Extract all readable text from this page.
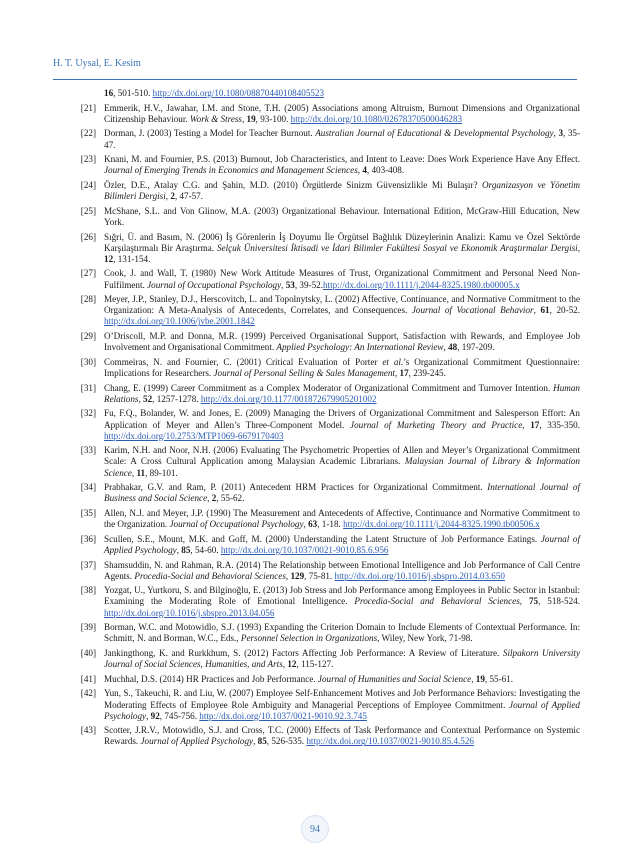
H. T. Uysal, E. Kesim
16, 501-510. http://dx.doi.org/10.1080/08870440108405523
[21] Emmerik, H.V., Jawahar, I.M. and Stone, T.H. (2005) Associations among Altruism, Burnout Dimensions and Organizational Citizenship Behaviour. Work & Stress, 19, 93-100. http://dx.doi.org/10.1080/02678370500046283
[22] Dorman, J. (2003) Testing a Model for Teacher Burnout. Australian Journal of Educational & Developmental Psychology, 3, 35-47.
[23] Knani, M. and Fournier, P.S. (2013) Burnout, Job Characteristics, and Intent to Leave: Does Work Experience Have Any Effect. Journal of Emerging Trends in Economics and Management Sciences, 4, 403-408.
[24] Özler, D.E., Atalay C.G. and Şahin, M.D. (2010) Örgütlerde Sinizm Güvensizlikle Mi Bulaşır? Organizasyon ve Yönetim Bilimleri Dergisi, 2, 47-57.
[25] McShane, S.L. and Von Glinow, M.A. (2003) Organizational Behaviour. International Edition, McGraw-Hill Education, New York.
[26] Sığri, Ü. and Basım, N. (2006) İş Görenlerin İş Doyumu İle Örgütsel Bağlılık Düzeylerinin Analizi: Kamu ve Özel Sektörde Karşılaştırmalı Bir Araştırma. Selçuk Üniversitesi İktisadi ve İdari Bilimler Fakültesi Sosyal ve Ekonomik Araştırmalar Dergisi, 12, 131-154.
[27] Cook, J. and Wall, T. (1980) New Work Attitude Measures of Trust, Organizational Commitment and Personal Need Non-Fulfilment. Journal of Occupational Psychology, 53, 39-52.http://dx.doi.org/10.1111/j.2044-8325.1980.tb00005.x
[28] Meyer, J.P., Stanley, D.J., Herscovitch, L. and Topolnytsky, L. (2002) Affective, Continuance, and Normative Commitment to the Organization: A Meta-Analysis of Antecedents, Correlates, and Consequences. Journal of Vocational Behavior, 61, 20-52. http://dx.doi.org/10.1006/jvbe.2001.1842
[29] O’Driscoll, M.P. and Donna, M.R. (1999) Perceived Organisational Support, Satisfaction with Rewards, and Employee Job Involvement and Organisational Commitment. Applied Psychology: An International Review, 48, 197-209.
[30] Commeiras, N. and Fournier, C. (2001) Critical Evaluation of Porter et al.’s Organizational Commitment Questionnaire: Implications for Researchers. Journal of Personal Selling & Sales Management, 17, 239-245.
[31] Chang, E. (1999) Career Commitment as a Complex Moderator of Organizational Commitment and Turnover Intention. Human Relations, 52, 1257-1278. http://dx.doi.org/10.1177/001872679905201002
[32] Fu, F.Q., Bolander, W. and Jones, E. (2009) Managing the Drivers of Organizational Commitment and Salesperson Effort: An Application of Meyer and Allen’s Three-Component Model. Journal of Marketing Theory and Practice, 17, 335-350. http://dx.doi.org/10.2753/MTP1069-6679170403
[33] Karim, N.H. and Noor, N.H. (2006) Evaluating The Psychometric Properties of Allen and Meyer’s Organizational Commitment Scale: A Cross Cultural Application among Malaysian Academic Librarians. Malaysian Journal of Library & Information Science, 11, 89-101.
[34] Prabhakar, G.V. and Ram, P. (2011) Antecedent HRM Practices for Organizational Commitment. International Journal of Business and Social Science, 2, 55-62.
[35] Allen, N.J. and Meyer, J.P. (1990) The Measurement and Antecedents of Affective, Continuance and Normative Commitment to the Organization. Journal of Occupational Psychology, 63, 1-18. http://dx.doi.org/10.1111/j.2044-8325.1990.tb00506.x
[36] Scullen, S.E., Mount, M.K. and Goff, M. (2000) Understanding the Latent Structure of Job Performance Eatings. Journal of Applied Psychology, 85, 54-60. http://dx.doi.org/10.1037/0021-9010.85.6.956
[37] Shamsuddin, N. and Rahman, R.A. (2014) The Relationship between Emotional Intelligence and Job Performance of Call Centre Agents. Procedia-Social and Behavioral Sciences, 129, 75-81. http://dx.doi.org/10.1016/j.sbspro.2014.03.650
[38] Yozgat, U., Yurtkoru, S. and Bilginoğlu, E. (2013) Job Stress and Job Performance among Employees in Public Sector in Istanbul: Examining the Moderating Role of Emotional Intelligence. Procedia-Social and Behavioral Sciences, 75, 518-524. http://dx.doi.org/10.1016/j.sbspro.2013.04.056
[39] Borman, W.C. and Motowidlo, S.J. (1993) Expanding the Criterion Domain to Include Elements of Contextual Performance. In: Schmitt, N. and Borman, W.C., Eds., Personnel Selection in Organizations, Wiley, New York, 71-98.
[40] Jankingthong, K. and Rurkkhum, S. (2012) Factors Affecting Job Performance: A Review of Literature. Silpakorn University Journal of Social Sciences, Humanities, and Arts, 12, 115-127.
[41] Muchhal, D.S. (2014) HR Practices and Job Performance. Journal of Humanities and Social Science, 19, 55-61.
[42] Yun, S., Takeuchi, R. and Liu, W. (2007) Employee Self-Enhancement Motives and Job Performance Behaviors: Investigating the Moderating Effects of Employee Role Ambiguity and Managerial Perceptions of Employee Commitment. Journal of Applied Psychology, 92, 745-756. http://dx.doi.org/10.1037/0021-9010.92.3.745
[43] Scotter, J.R.V., Motowidlo, S.J. and Cross, T.C. (2000) Effects of Task Performance and Contextual Performance on Systemic Rewards. Journal of Applied Psychology, 85, 526-535. http://dx.doi.org/10.1037/0021-9010.85.4.526
94
